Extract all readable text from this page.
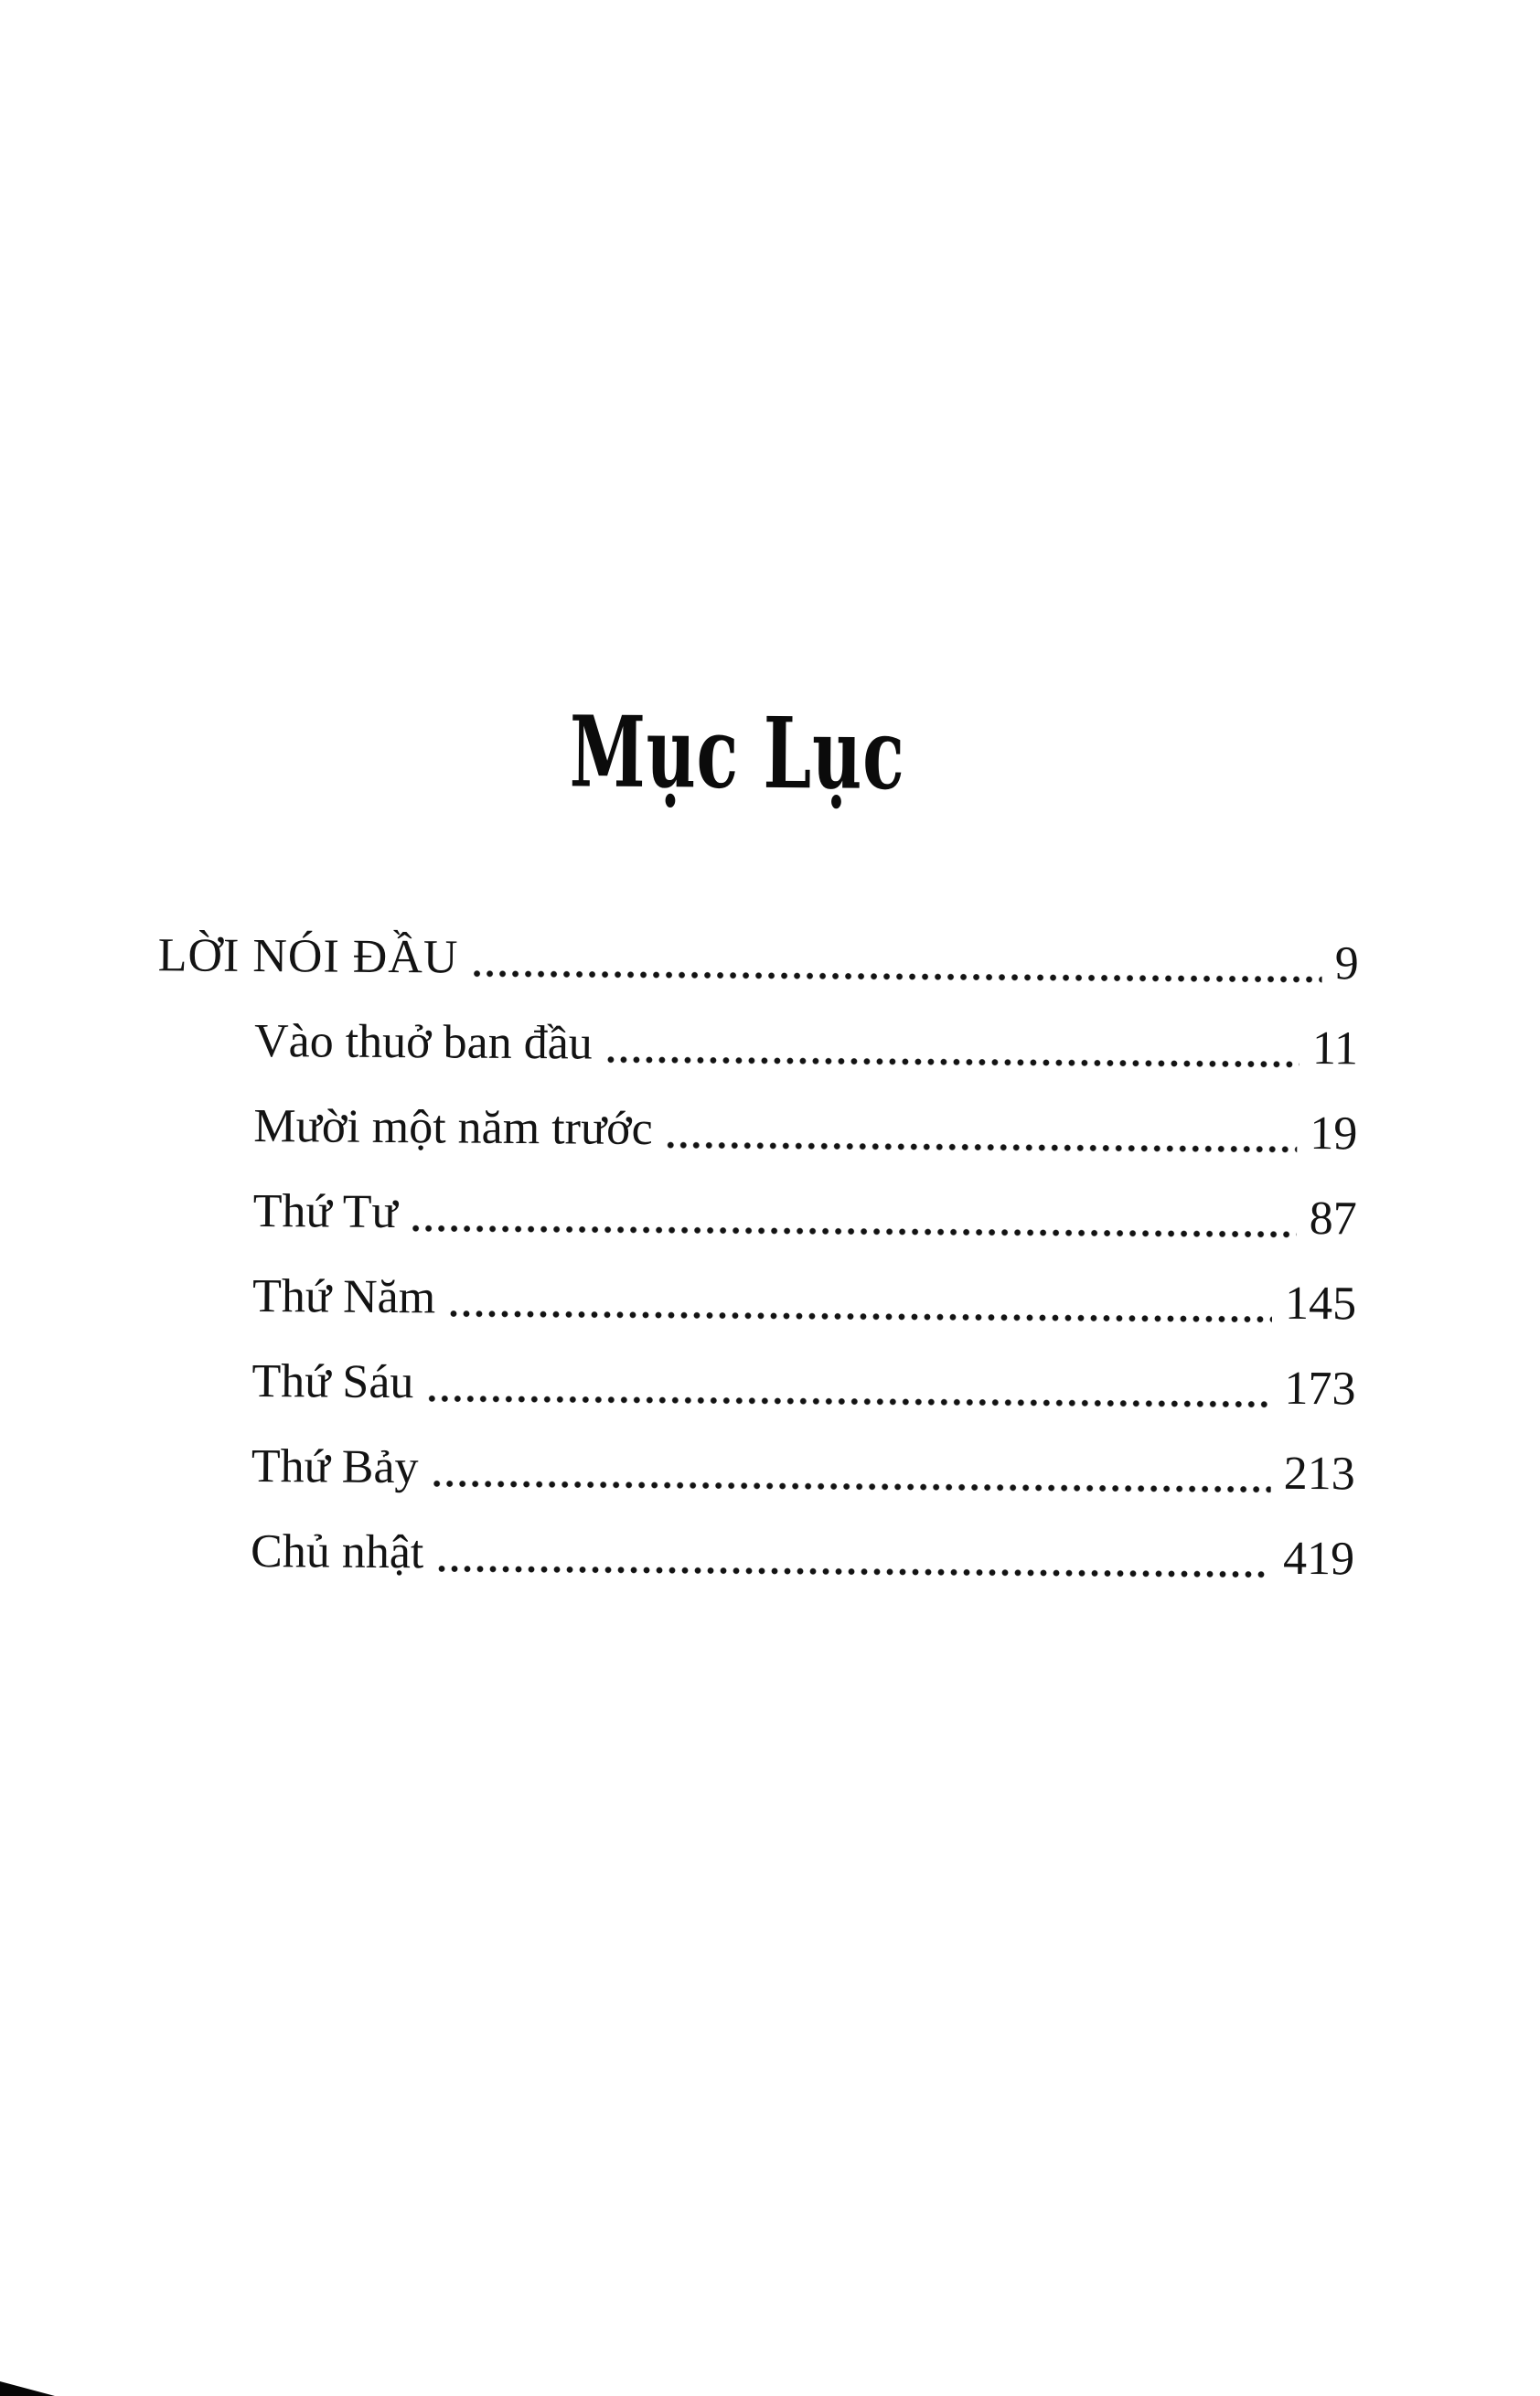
Mục Lục
LỜI NÓI ĐẦU	9
Vào thuở ban đầu	11
Mười một năm trước	19
Thứ Tư	87
Thứ Năm	145
Thứ Sáu	173
Thứ Bảy	213
Chủ nhật	419
